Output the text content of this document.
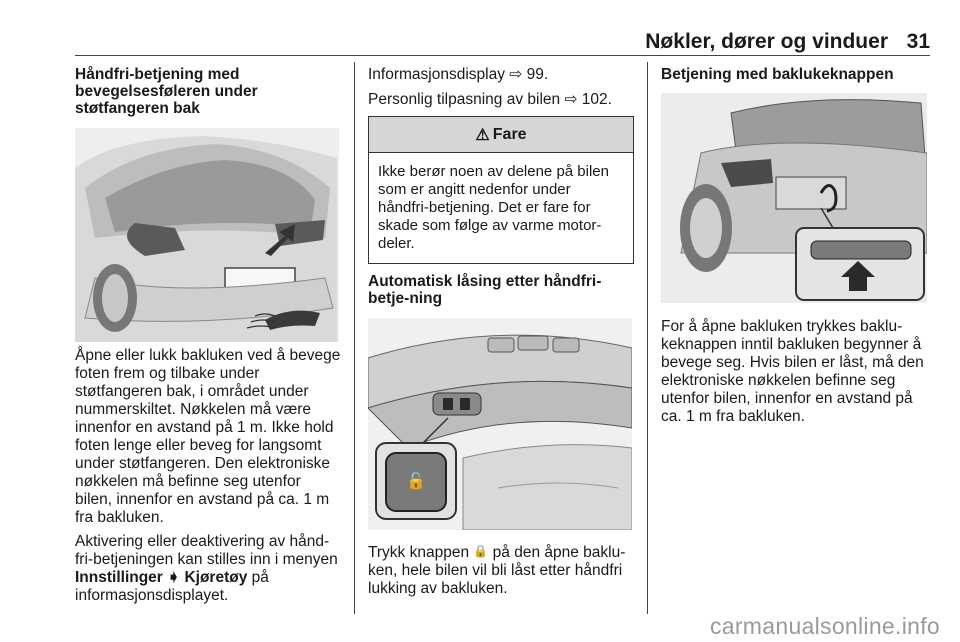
Nøkler, dører og vinduer 31
Håndfri-betjening med bevegelsesføleren under støtfangeren bak

Åpne eller lukk bakluken ved å bevege foten frem og tilbake under støtfangeren bak, i området under nummerskiltet. Nøkkelen må være innenfor en avstand på 1 m. Ikke hold foten lenge eller beveg for langsomt under støtfangeren. Den elektroniske nøkkelen må befinne seg utenfor bilen, innenfor en avstand på ca. 1 m fra bakluken.

Aktivering eller deaktivering av hånd-fri-betjeningen kan stilles inn i menyen Innstillinger ➧ Kjøretøy på informasjonsdisplayet.

Informasjonsdisplay ⇨ 99.

Personlig tilpasning av bilen ⇨ 102.

⚠ Fare
Ikke berør noen av delene på bilen som er angitt nedenfor under håndfri-betjening. Det er fare for skade som følge av varme motor-deler.
Automatisk låsing etter håndfri-betje-ning
🔓

Trykk knappen 🔒 på den åpne baklu-ken, hele bilen vil bli låst etter håndfri lukking av bakluken.

Betjening med baklukeknappen

For å åpne bakluken trykkes baklu-keknappen inntil bakluken begynner å bevege seg. Hvis bilen er låst, må den elektroniske nøkkelen befinne seg utenfor bilen, innenfor en avstand på ca. 1 m fra bakluken.

carmanualsonline.info
